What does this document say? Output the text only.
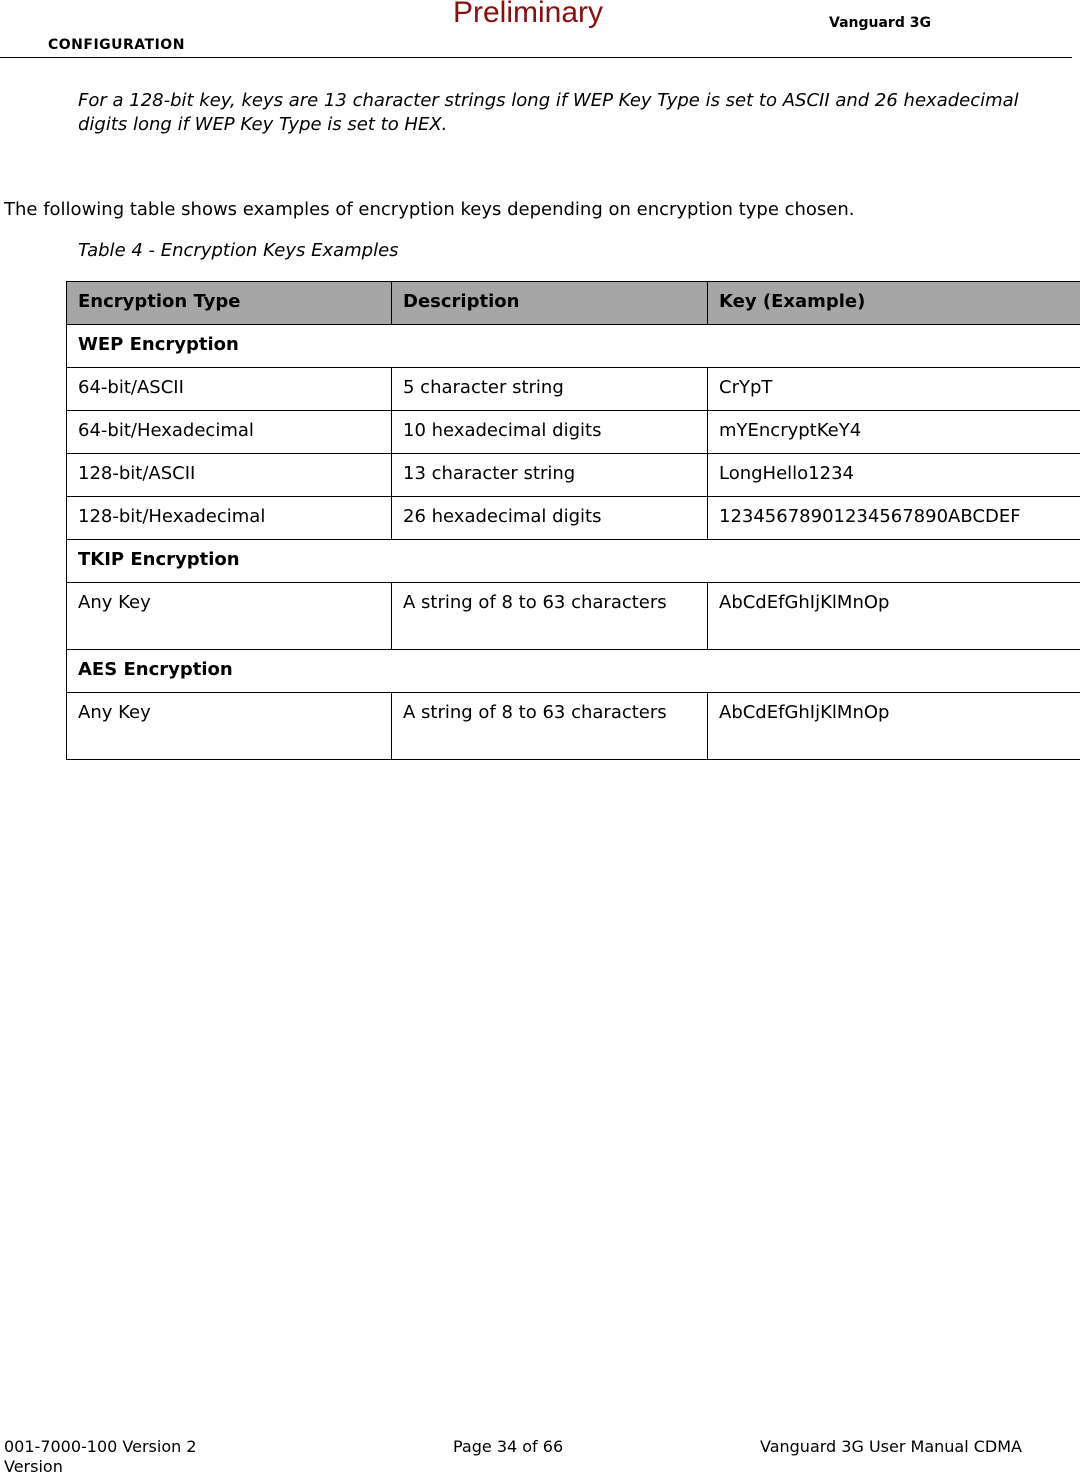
CONFIGURATION
Preliminary	Vanguard 3G

For a 128-bit key, keys are 13 character strings long if WEP Key Type is set to ASCII and 26 hexadecimal digits long if WEP Key Type is set to HEX.

The following table shows examples of encryption keys depending on encryption type chosen.

Table 4 - Encryption Keys Examples
Encryption Type	Description	Key (Example)
WEP Encryption		
64-bit/ASCII	5 character string	CrYpT
64-bit/Hexadecimal	10 hexadecimal digits	mYEncryptKeY4
128-bit/ASCII	13 character string	LongHello1234
128-bit/Hexadecimal	26 hexadecimal digits	12345678901234567890ABCDEF
TKIP Encryption		
Any Key	A string of 8 to 63 characters	AbCdEfGhIjKlMnOp
AES Encryption		
Any Key	A string of 8 to 63 characters	AbCdEfGhIjKlMnOp
001-7000-100 Version 2 Version
Page 34 of 66	Vanguard 3G User Manual CDMA
